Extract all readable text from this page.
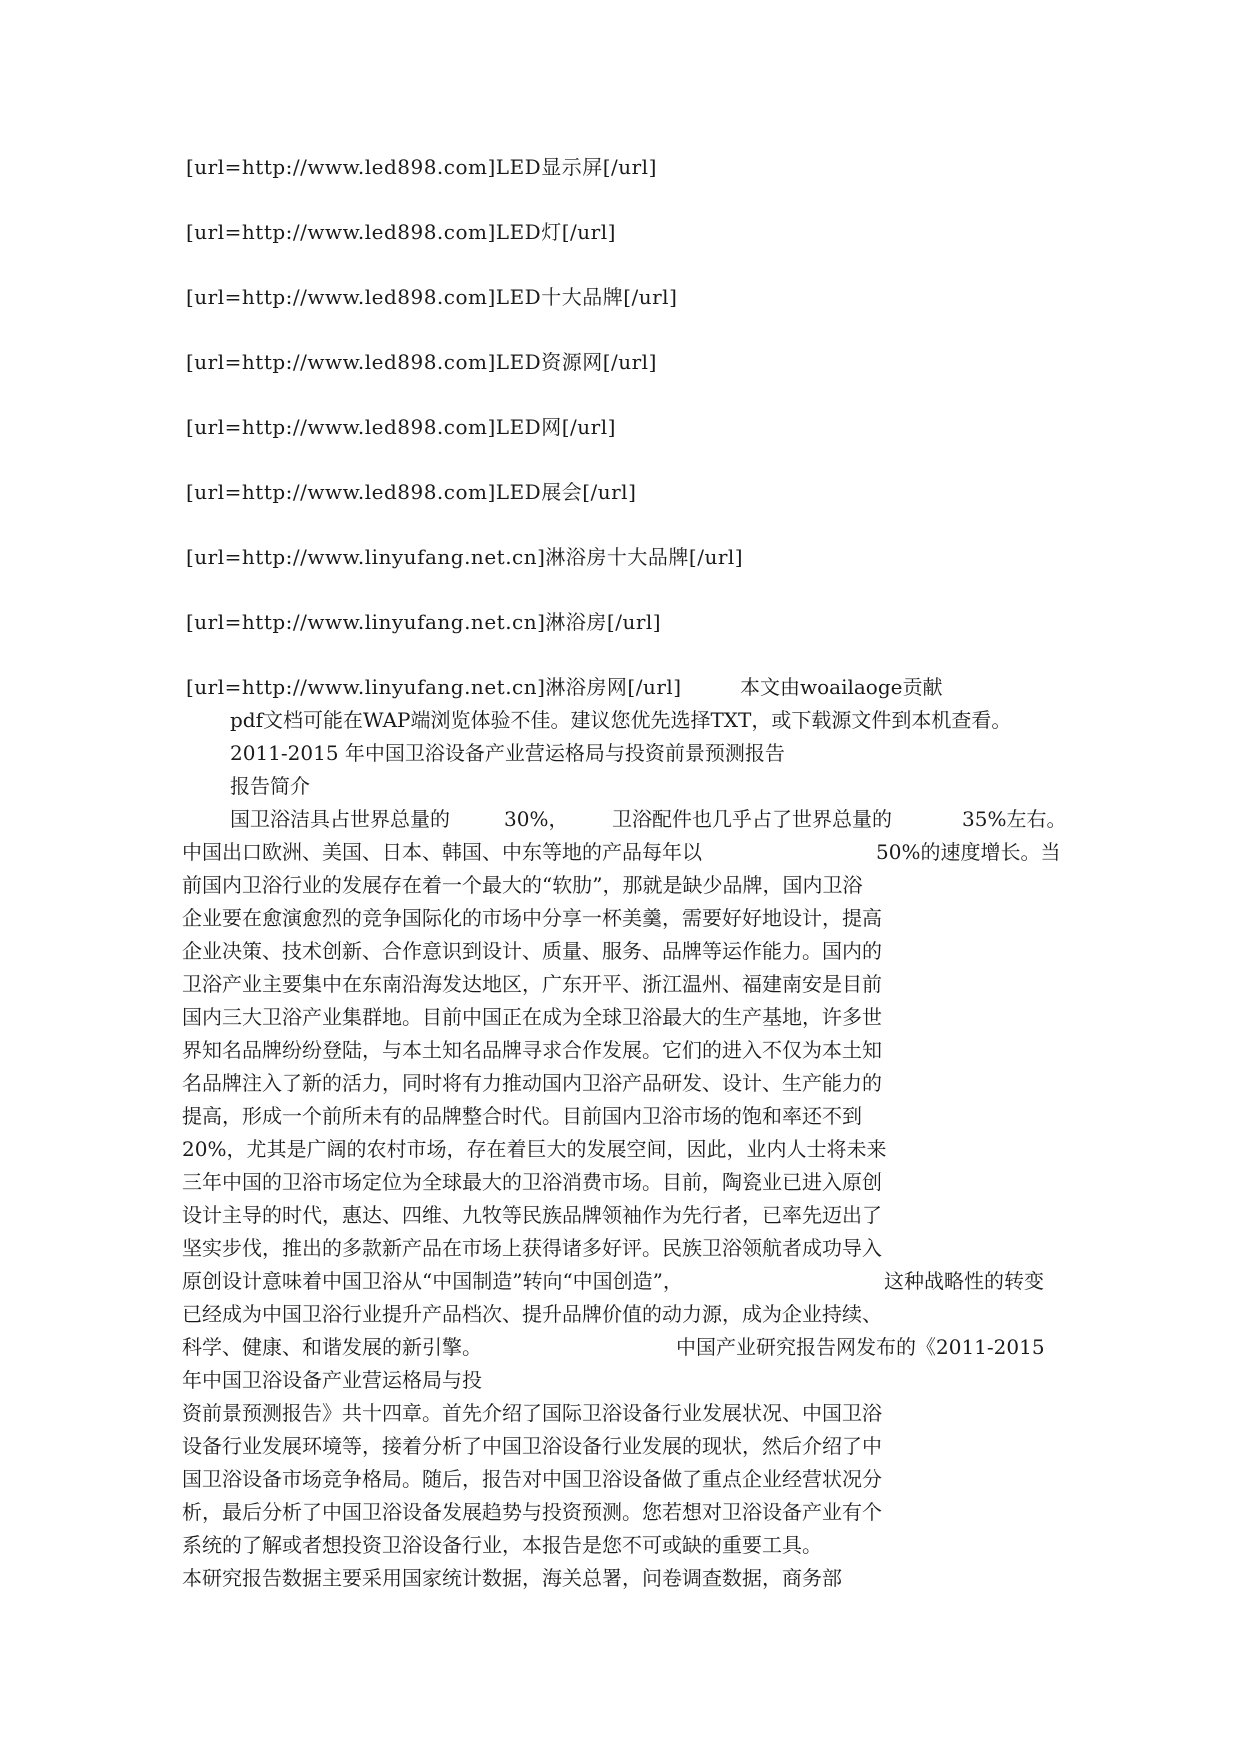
[url=http://www.led898.com]LED显示屏[/url]
[url=http://www.led898.com]LED灯[/url]
[url=http://www.led898.com]LED十大品牌[/url]
[url=http://www.led898.com]LED资源网[/url]
[url=http://www.led898.com]LED网[/url]
[url=http://www.led898.com]LED展会[/url]
[url=http://www.linyufang.net.cn]淋浴房十大品牌[/url]
[url=http://www.linyufang.net.cn]淋浴房[/url]
[url=http://www.linyufang.net.cn]淋浴房网[/url]	本文由woailaoge贡献
pdf文档可能在WAP端浏览体验不佳。建议您优先选择TXT，或下载源文件到本机查看。
2011-2015 年中国卫浴设备产业营运格局与投资前景预测报告
报告简介
国卫浴洁具占世界总量的	30%， 卫浴配件也几乎占了世界总量的	35%左右。
中国出口欧洲、美国、日本、韩国、中东等地的产品每年以	50%的速度增长。当
前国内卫浴行业的发展存在着一个最大的“软肋”，那就是缺少品牌，国内卫浴
企业要在愈演愈烈的竞争国际化的市场中分享一杯美羹，需要好好地设计，提高
企业决策、技术创新、合作意识到设计、质量、服务、品牌等运作能力。国内的
卫浴产业主要集中在东南沿海发达地区，广东开平、浙江温州、福建南安是目前
国内三大卫浴产业集群地。目前中国正在成为全球卫浴最大的生产基地，许多世
界知名品牌纷纷登陆，与本土知名品牌寻求合作发展。它们的进入不仅为本土知
名品牌注入了新的活力，同时将有力推动国内卫浴产品研发、设计、生产能力的
提高，形成一个前所未有的品牌整合时代。目前国内卫浴市场的饱和率还不到
20%，尤其是广阔的农村市场，存在着巨大的发展空间，因此，业内人士将未来
三年中国的卫浴市场定位为全球最大的卫浴消费市场。目前，陶瓷业已进入原创
设计主导的时代，惠达、四维、九牧等民族品牌领袖作为先行者，已率先迈出了
坚实步伐，推出的多款新产品在市场上获得诸多好评。民族卫浴领航者成功导入
原创设计意味着中国卫浴从“中国制造”转向“中国创造”，	这种战略性的转变
已经成为中国卫浴行业提升产品档次、提升品牌价值的动力源，成为企业持续、
科学、健康、和谐发展的新引擎。	中国产业研究报告网发布的《2011-2015
年中国卫浴设备产业营运格局与投
资前景预测报告》共十四章。首先介绍了国际卫浴设备行业发展状况、中国卫浴
设备行业发展环境等，接着分析了中国卫浴设备行业发展的现状，然后介绍了中
国卫浴设备市场竞争格局。随后，报告对中国卫浴设备做了重点企业经营状况分
析，最后分析了中国卫浴设备发展趋势与投资预测。您若想对卫浴设备产业有个
系统的了解或者想投资卫浴设备行业，本报告是您不可或缺的重要工具。
本研究报告数据主要采用国家统计数据，海关总署，问卷调查数据，商务部
